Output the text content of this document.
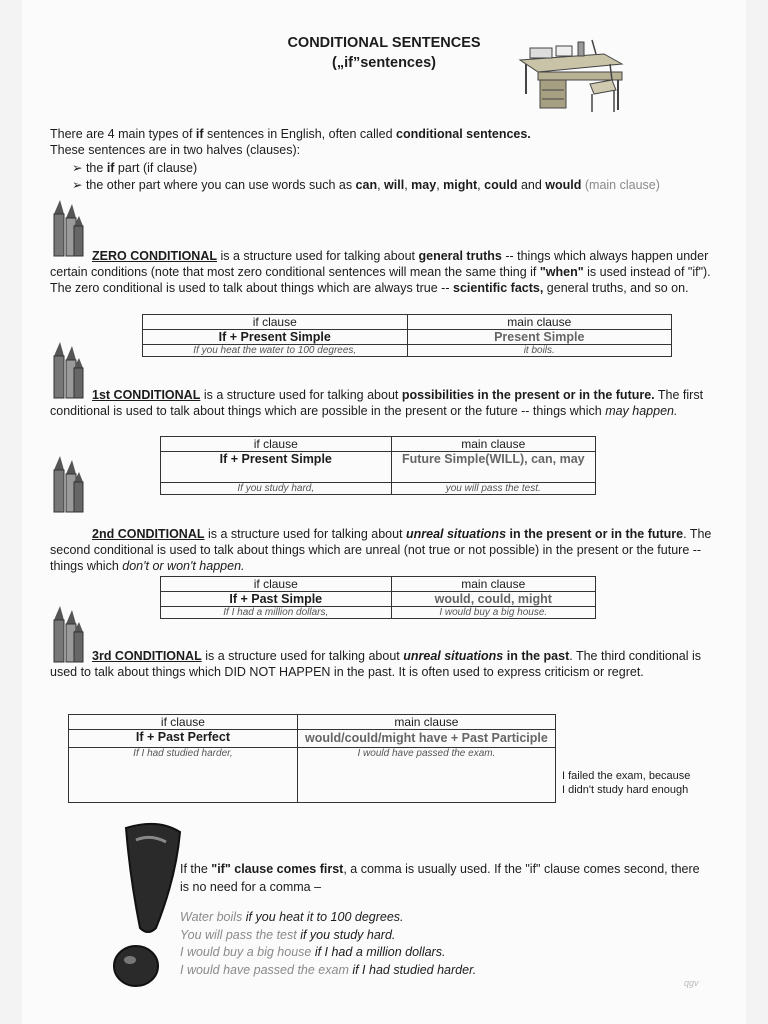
CONDITIONAL SENTENCES
(„if”sentences)
There are 4 main types of if sentences in English, often called conditional sentences.
These sentences are in two halves (clauses):
➢ the if part (if clause)
➢ the other part where you can use words such as can, will, may, might, could and would (main clause)
ZERO CONDITIONAL is a structure used for talking about general truths -- things which always happen under certain conditions (note that most zero conditional sentences will mean the same thing if "when" is used instead of "if"). The zero conditional is used to talk about things which are always true -- scientific facts, general truths, and so on.
if clause	main clause
If + Present Simple	Present Simple
If you heat the water to 100 degrees,	it boils.
1st CONDITIONAL is a structure used for talking about possibilities in the present or in the future. The first conditional is used to talk about things which are possible in the present or the future -- things which may happen.
if clause	main clause
If + Present Simple	Future Simple(WILL), can, may
If you study hard,	you will pass the test.
2nd CONDITIONAL is a structure used for talking about unreal situations in the present or in the future. The second conditional is used to talk about things which are unreal (not true or not possible) in the present or the future -- things which don't or won't happen.
if clause	main clause
If + Past Simple	would, could, might
If I had a million dollars,	I would buy a big house.
3rd CONDITIONAL is a structure used for talking about unreal situations in the past. The third conditional is used to talk about things which DID NOT HAPPEN in the past. It is often used to express criticism or regret.
if clause	main clause
If + Past Perfect	would/could/might have + Past Participle
If I had studied harder,	I would have passed the exam.
I failed the exam, because I didn't study hard enough
If the "if" clause comes first, a comma is usually used. If the "if" clause comes second, there is no need for a comma –
Water boils if you heat it to 100 degrees.
You will pass the test if you study hard.
I would buy a big house if I had a million dollars.
I would have passed the exam if I had studied harder.
qgv
